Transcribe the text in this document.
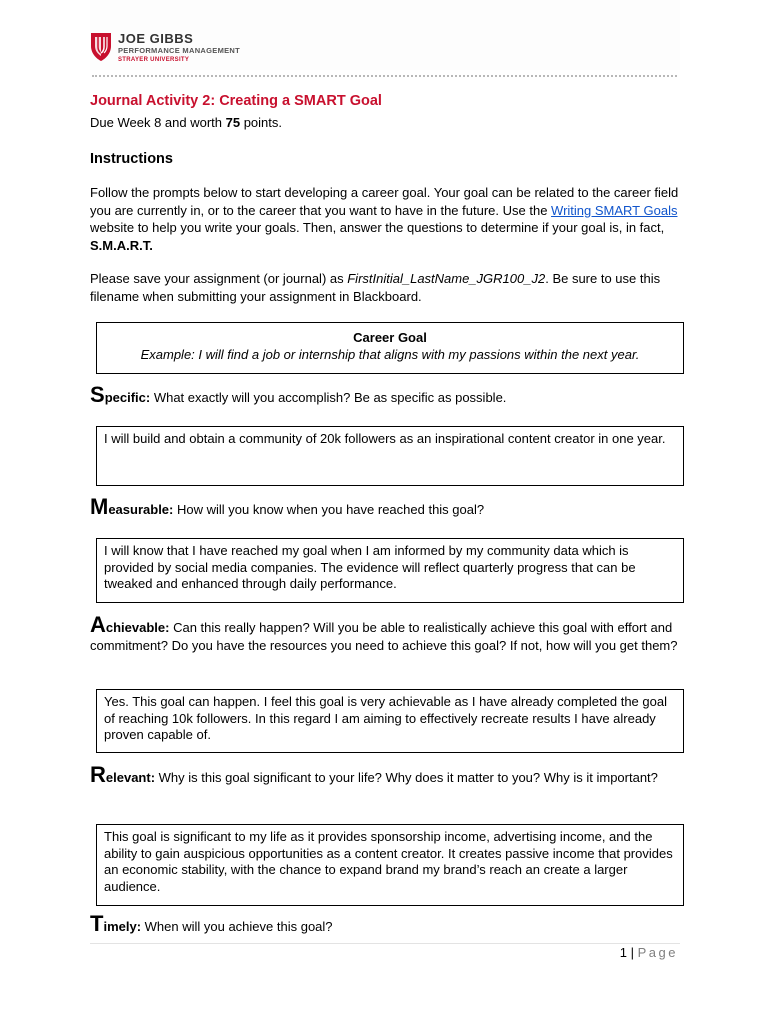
JOE GIBBS
PERFORMANCE MANAGEMENT
STRAYER UNIVERSITY
Journal Activity 2: Creating a SMART Goal
Due Week 8 and worth 75 points.
Instructions
Follow the prompts below to start developing a career goal. Your goal can be related to the career field you are currently in, or to the career that you want to have in the future. Use the Writing SMART Goals website to help you write your goals. Then, answer the questions to determine if your goal is, in fact, S.M.A.R.T.
Please save your assignment (or journal) as FirstInitial_LastName_JGR100_J2. Be sure to use this filename when submitting your assignment in Blackboard.
Career Goal
Example: I will find a job or internship that aligns with my passions within the next year.
Specific: What exactly will you accomplish? Be as specific as possible.
I will build and obtain a community of 20k followers as an inspirational content creator in one year.
Measurable: How will you know when you have reached this goal?
I will know that I have reached my goal when I am informed by my community data which is provided by social media companies. The evidence will reflect quarterly progress that can be tweaked and enhanced through daily performance.
Achievable: Can this really happen? Will you be able to realistically achieve this goal with effort and commitment? Do you have the resources you need to achieve this goal? If not, how will you get them?
Yes. This goal can happen. I feel this goal is very achievable as I have already completed the goal of reaching 10k followers. In this regard I am aiming to effectively recreate results I have already proven capable of.
Relevant: Why is this goal significant to your life? Why does it matter to you? Why is it important?
This goal is significant to my life as it provides sponsorship income, advertising income, and the ability to gain auspicious opportunities as a content creator. It creates passive income that provides an economic stability, with the chance to expand brand my brand’s reach an create a larger audience.
Timely: When will you achieve this goal?
1 | Page
